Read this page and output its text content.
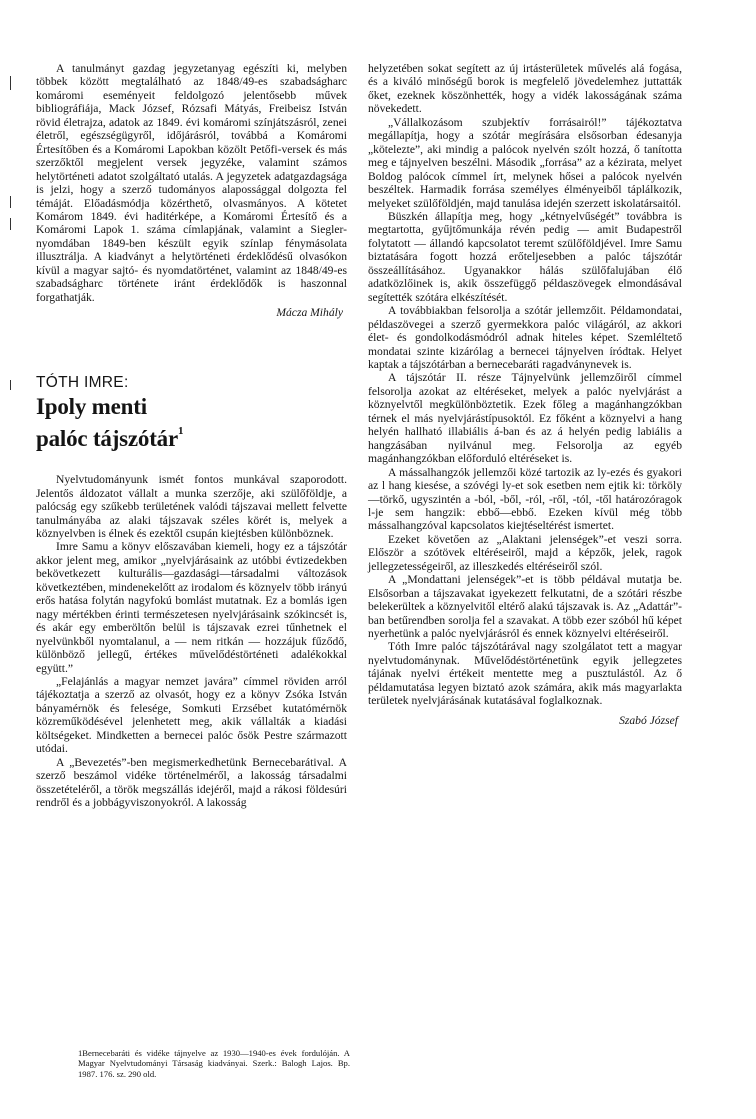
A tanulmányt gazdag jegyzetanyag egészíti ki, melyben többek között megtalálható az 1848/49-es szabadságharc komáromi eseményeit feldolgozó jelentősebb művek bibliográfiája, Mack József, Rózsafi Mátyás, Freibeisz István rövid életrajza, adatok az 1849. évi komáromi színjátszásról, zenei életről, egészségügyről, időjárásról, továbbá a Komáromi Értesítőben és a Komáromi Lapokban közölt Petőfi-versek és más szerzőktől megjelent versek jegyzéke, valamint számos helytörténeti adatot szolgáltató utalás. A jegyzetek adatgazdagsága is jelzi, hogy a szerző tudományos alapossággal dolgozta fel témáját. Előadásmódja közérthető, olvasmányos. A kötetet Komárom 1849. évi haditérképe, a Komáromi Értesítő és a Komáromi Lapok 1. száma címlapjának, valamint a Siegler-nyomdában 1849-ben készült egyik színlap fénymásolata illusztrálja. A kiadványt a helytörténeti érdeklődésű olvasókon kívül a magyar sajtó- és nyomdatörténet, valamint az 1848/49-es szabadságharc története iránt érdeklődők is haszonnal forgathatják.

Mácza Mihály
TÓTH IMRE:
Ipoly menti
palóc tájszótár$^1$

Nyelvtudományunk ismét fontos munkával szaporodott. Jelentős áldozatot vállalt a munka szerzője, aki szülőföldje, a palócság egy szűkebb területének valódi tájszavai mellett felvette tanulmányába az alaki tájszavak széles körét is, melyek a köznyelvben is élnek és ezektől csupán kiejtésben különböznek.

Imre Samu a könyv előszavában kiemeli, hogy ez a tájszótár akkor jelent meg, amikor „nyelvjárásaink az utóbbi évtizedekben bekövetkezett kulturális—gazdasági—társadalmi változások következtében, mindenekelőtt az irodalom és köznyelv több irányú erős hatása folytán nagyfokú bomlást mutatnak. Ez a bomlás igen nagy mértékben érinti természetesen nyelvjárásaink szókincsét is, és akár egy emberöltőn belül is tájszavak ezrei tűnhetnek el nyelvünkből nyomtalanul, a — nem ritkán — hozzájuk fűződő, különböző jellegű, értékes művelődéstörténeti adalékokkal együtt.”

„Felajánlás a magyar nemzet javára” címmel röviden arról tájékoztatja a szerző az olvasót, hogy ez a könyv Zsóka István bányamérnök és felesége, Somkuti Erzsébet kutatómérnök közreműködésével jelenhetett meg, akik vállalták a kiadási költségeket. Mindketten a bernecei palóc ősök Pestre származott utódai.

A „Bevezetés”-ben megismerkedhetünk Bernecebarátival. A szerző beszámol vidéke történelméről, a lakosság társadalmi összetételéről, a török megszállás idejéről, majd a rákosi földesúri rendről és a jobbágyviszonyokról. A lakosság

helyzetében sokat segített az új irtásterületek művelés alá fogása, és a kiváló minőségű borok is megfelelő jövedelemhez juttatták őket, ezeknek köszönhették, hogy a vidék lakosságának száma növekedett.

„Vállalkozásom szubjektív forrásairól!” tájékoztatva megállapítja, hogy a szótár megírására elsősorban édesanyja „kötelezte”, aki mindig a palócok nyelvén szólt hozzá, ő tanította meg e tájnyelven beszélni. Második „forrása” az a kézirata, melyet Boldog palócok címmel írt, melynek hősei a palócok nyelvén beszéltek. Harmadik forrása személyes élményeiből táplálkozik, melyeket szülőföldjén, majd tanulása idején szerzett iskolatársaitól.

Büszkén állapítja meg, hogy „kétnyelvűségét” továbbra is megtartotta, gyűjtőmunkája révén pedig — amit Budapestről folytatott — állandó kapcsolatot teremt szülőföldjével. Imre Samu biztatására fogott hozzá erőteljesebben a palóc tájszótár összeállításához. Ugyanakkor hálás szülőfalujában élő adatközlőinek is, akik összefüggő példaszövegek elmondásával segítették szótára elkészítését.

A továbbiakban felsorolja a szótár jellemzőit. Példamondatai, példaszövegei a szerző gyermekkora palóc világáról, az akkori élet- és gondolkodásmódról adnak hiteles képet. Szemléltető mondatai szinte kizárólag a bernecei tájnyelven íródtak. Helyet kaptak a tájszótárban a bernecebaráti ragadványnevek is.

A tájszótár II. része Tájnyelvünk jellemzőiről címmel felsorolja azokat az eltéréseket, melyek a palóc nyelvjárást a köznyelvtől megkülönböztetik. Ezek főleg a magánhangzókban térnek el más nyelvjárástípusoktól. Ez főként a köznyelvi a hang helyén hallható illabiális á-ban és az á helyén pedig labiális a hangzásában nyilvánul meg. Felsorolja az egyéb magánhangzókban előforduló eltéréseket is.

A mássalhangzók jellemzői közé tartozik az ly-ezés és gyakori az l hang kiesése, a szóvégi ly-et sok esetben nem ejtik ki: törköly—törkő, ugyszintén a -ból, -ből, -ról, -ről, -tól, -től határozóragok l-je sem hangzik: ebbő—ebbő. Ezeken kívül még több mássalhangzóval kapcsolatos kiejtéseltérést ismertet.

Ezeket követően az „Alaktani jelenségek”-et veszi sorra. Először a szótövek eltéréseiről, majd a képzők, jelek, ragok jellegzetességeiről, az illeszkedés eltéréseiről szól.

A „Mondattani jelenségek”-et is több példával mutatja be. Elsősorban a tájszavakat igyekezett felkutatni, de a szótári részbe belekerültek a köznyelvitől eltérő alakú tájszavak is. Az „Adattár”-ban betűrendben sorolja fel a szavakat. A több ezer szóból hű képet nyerhetünk a palóc nyelvjárásról és ennek köznyelvi eltéréseiről.

Tóth Imre palóc tájszótárával nagy szolgálatot tett a magyar nyelvtudománynak. Művelődéstörténetünk egyik jellegzetes tájának nyelvi értékeit mentette meg a pusztulástól. Az ő példamutatása legyen biztató azok számára, akik más magyarlakta területek nyelvjárásának kutatásával foglalkoznak.

Szabó József
1Bernecebaráti és vidéke tájnyelve az 1930—1940-es évek fordulóján. A Magyar Nyelvtudományi Társaság kiadványai. Szerk.: Balogh Lajos. Bp. 1987. 176. sz. 290 old.
